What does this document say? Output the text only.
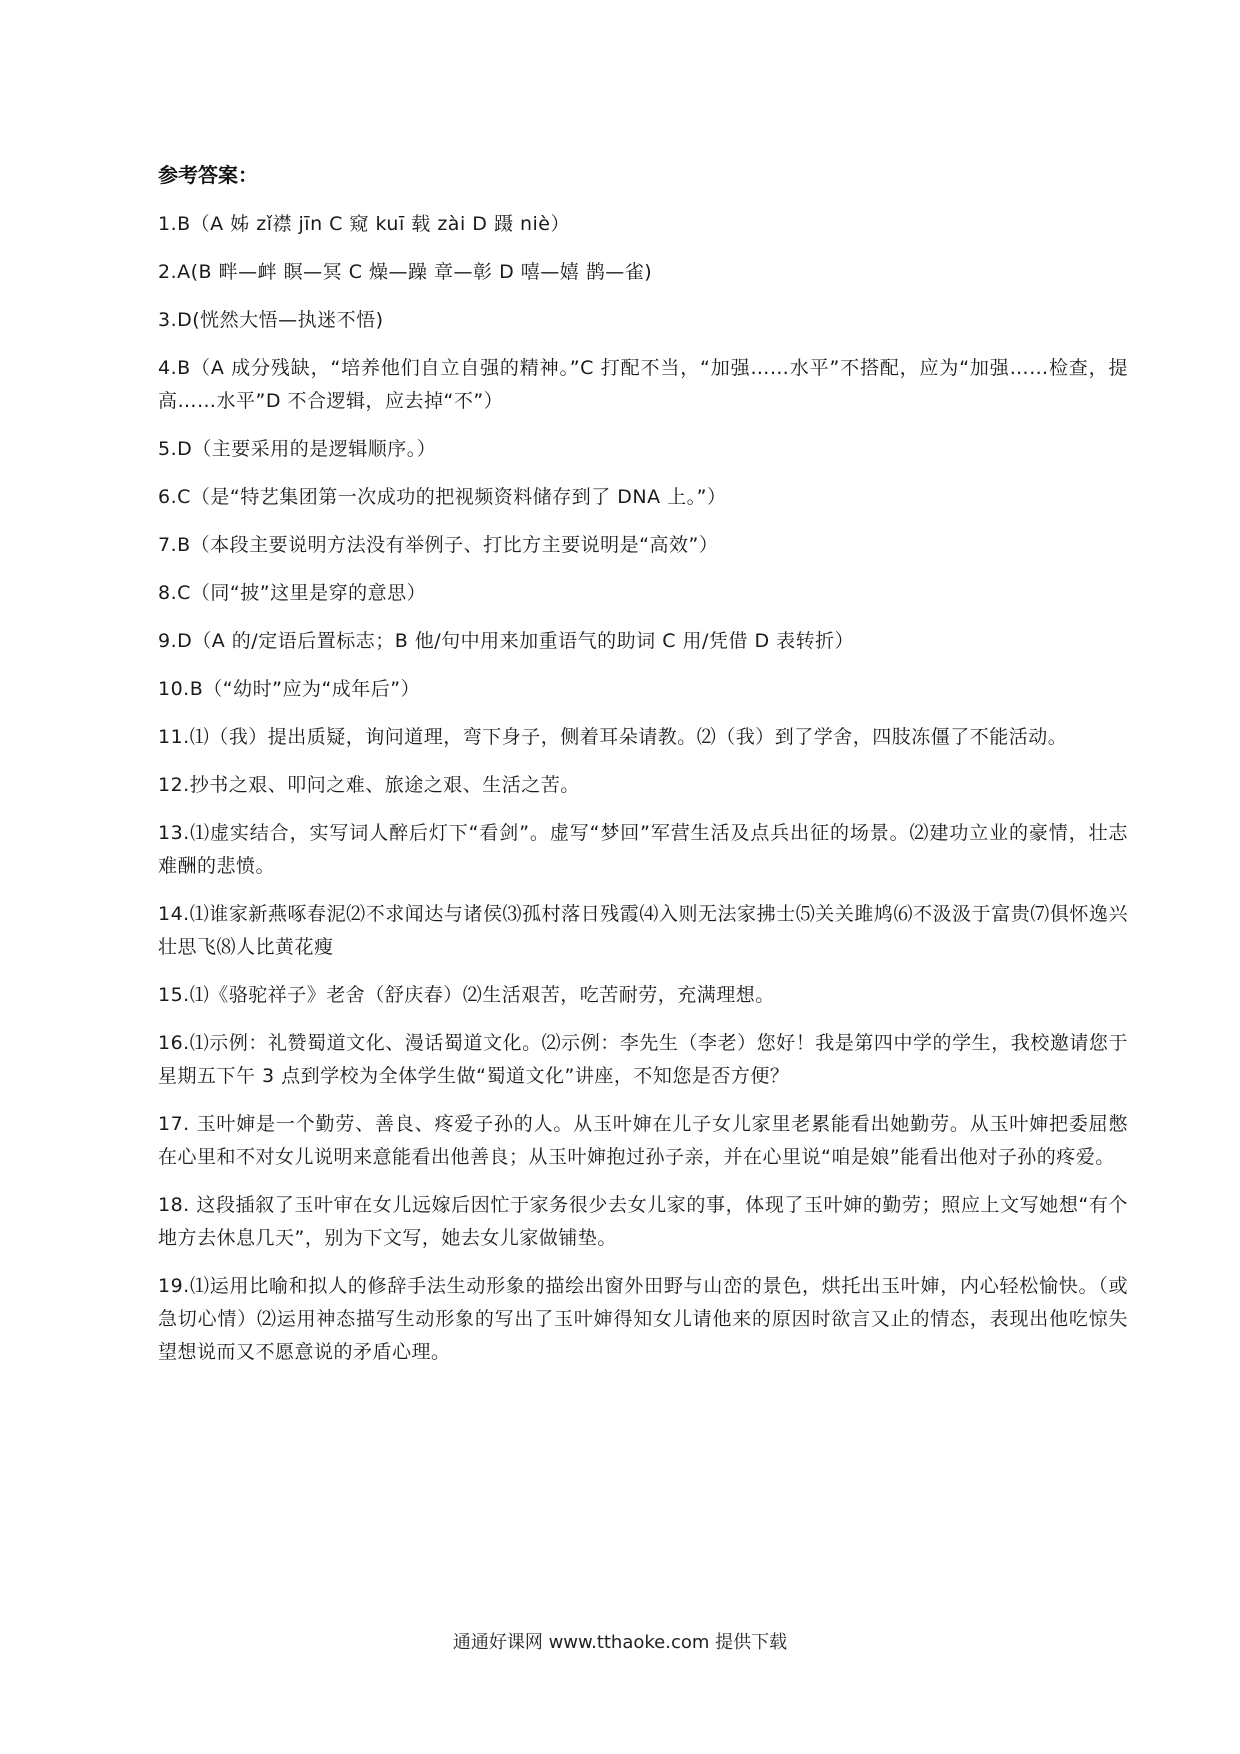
参考答案：

1.B（A 姊 zǐ襟 jīn C 窥 kuī 载 zài D 蹑 niè）

2.A(B 畔—衅 瞑—冥 C 燥—躁 章—彰 D 嘻—嬉 鹊—雀)

3.D(恍然大悟—执迷不悟)

4.B（A 成分残缺，“培养他们自立自强的精神。”C 打配不当，“加强……水平”不搭配，应为“加强……检查，提高……水平”D 不合逻辑，应去掉“不”）

5.D（主要采用的是逻辑顺序。）

6.C（是“特艺集团第一次成功的把视频资料储存到了 DNA 上。”）

7.B（本段主要说明方法没有举例子、打比方主要说明是“高效”）

8.C（同“披”这里是穿的意思）

9.D（A 的/定语后置标志；B 他/句中用来加重语气的助词 C 用/凭借 D 表转折）

10.B（“幼时”应为“成年后”）

11.⑴（我）提出质疑，询问道理，弯下身子，侧着耳朵请教。⑵（我）到了学舍，四肢冻僵了不能活动。

12.抄书之艰、叩问之难、旅途之艰、生活之苦。

13.⑴虚实结合，实写词人醉后灯下“看剑”。虚写“梦回”军营生活及点兵出征的场景。⑵建功立业的豪情，壮志难酬的悲愤。

14.⑴谁家新燕啄春泥⑵不求闻达与诸侯⑶孤村落日残霞⑷入则无法家拂士⑸关关雎鸠⑹不汲汲于富贵⑺俱怀逸兴壮思飞⑻人比黄花瘦

15.⑴《骆驼祥子》老舍（舒庆春）⑵生活艰苦，吃苦耐劳，充满理想。

16.⑴示例：礼赞蜀道文化、漫话蜀道文化。⑵示例：李先生（李老）您好！我是第四中学的学生，我校邀请您于星期五下午 3 点到学校为全体学生做“蜀道文化”讲座，不知您是否方便？

17. 玉叶婶是一个勤劳、善良、疼爱子孙的人。从玉叶婶在儿子女儿家里老累能看出她勤劳。从玉叶婶把委屈憋在心里和不对女儿说明来意能看出他善良；从玉叶婶抱过孙子亲，并在心里说“咱是娘”能看出他对子孙的疼爱。

18. 这段插叙了玉叶审在女儿远嫁后因忙于家务很少去女儿家的事，体现了玉叶婶的勤劳；照应上文写她想“有个地方去休息几天”，别为下文写，她去女儿家做铺垫。

19.⑴运用比喻和拟人的修辞手法生动形象的描绘出窗外田野与山峦的景色，烘托出玉叶婶，内心轻松愉快。（或急切心情）⑵运用神态描写生动形象的写出了玉叶婶得知女儿请他来的原因时欲言又止的情态，表现出他吃惊失望想说而又不愿意说的矛盾心理。

通通好课网 www.tthaoke.com 提供下载
